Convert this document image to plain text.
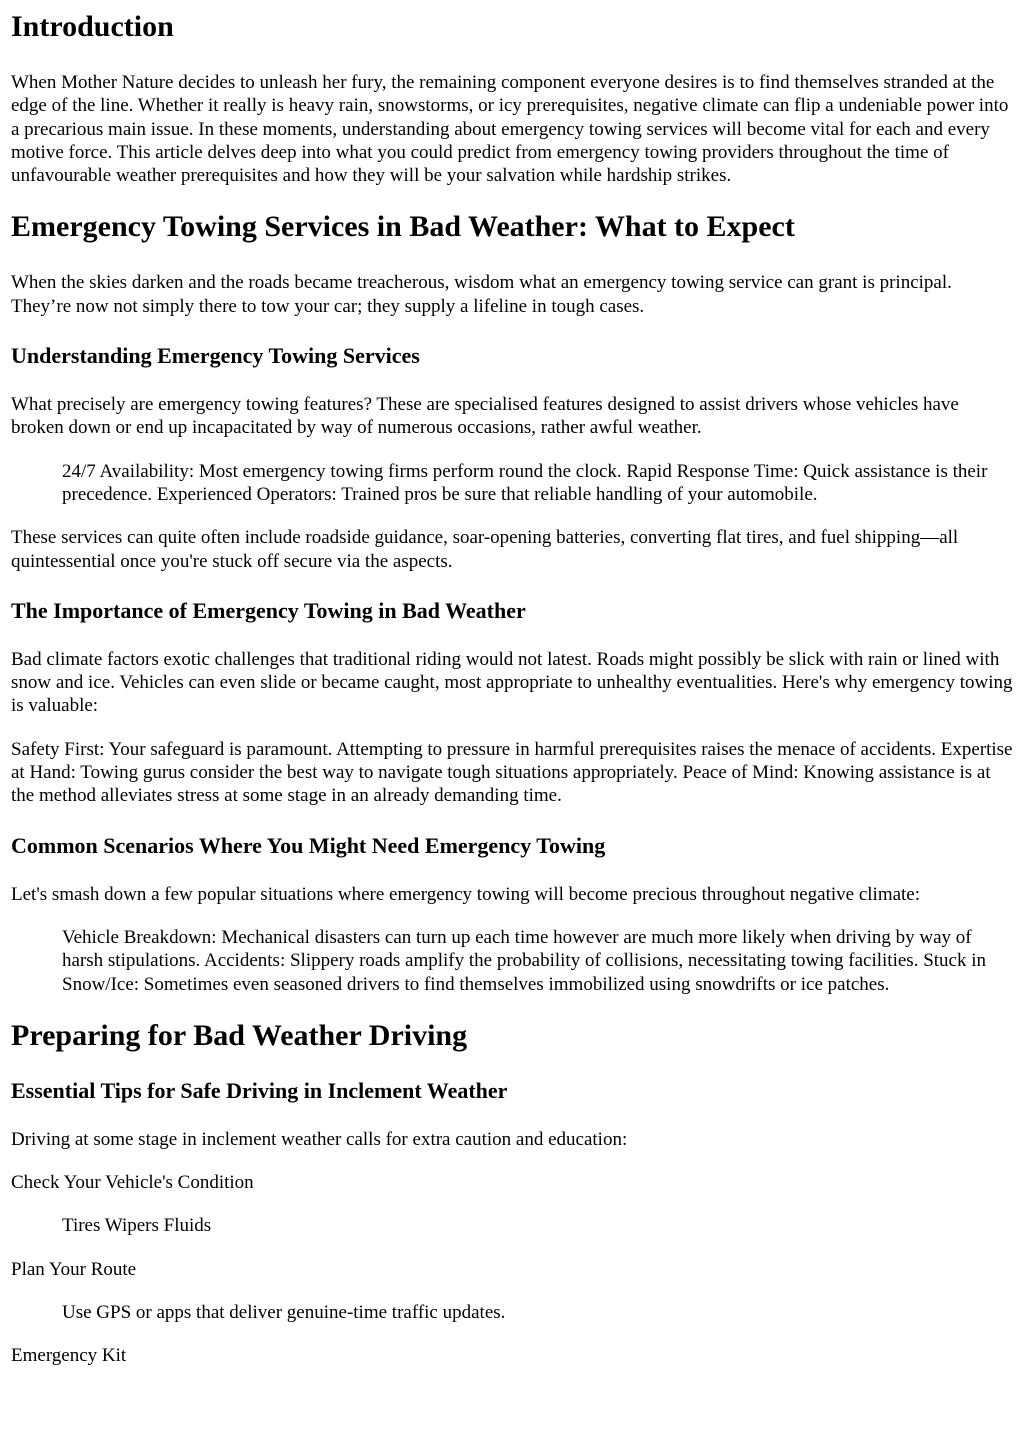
Introduction

When Mother Nature decides to unleash her fury, the remaining component everyone desires is to find themselves stranded at the edge of the line. Whether it really is heavy rain, snowstorms, or icy prerequisites, negative climate can flip a undeniable power into a precarious main issue. In these moments, understanding about emergency towing services will become vital for each and every motive force. This article delves deep into what you could predict from emergency towing providers throughout the time of unfavourable weather prerequisites and how they will be your salvation while hardship strikes.

Emergency Towing Services in Bad Weather: What to Expect

When the skies darken and the roads became treacherous, wisdom what an emergency towing service can grant is principal. They’re now not simply there to tow your car; they supply a lifeline in tough cases.

Understanding Emergency Towing Services

What precisely are emergency towing features? These are specialised features designed to assist drivers whose vehicles have broken down or end up incapacitated by way of numerous occasions, rather awful weather.

24/7 Availability: Most emergency towing firms perform round the clock. Rapid Response Time: Quick assistance is their precedence. Experienced Operators: Trained pros be sure that reliable handling of your automobile.

These services can quite often include roadside guidance, soar-opening batteries, converting flat tires, and fuel shipping—all quintessential once you're stuck off secure via the aspects.

The Importance of Emergency Towing in Bad Weather

Bad climate factors exotic challenges that traditional riding would not latest. Roads might possibly be slick with rain or lined with snow and ice. Vehicles can even slide or became caught, most appropriate to unhealthy eventualities. Here's why emergency towing is valuable:

Safety First: Your safeguard is paramount. Attempting to pressure in harmful prerequisites raises the menace of accidents. Expertise at Hand: Towing gurus consider the best way to navigate tough situations appropriately. Peace of Mind: Knowing assistance is at the method alleviates stress at some stage in an already demanding time.

Common Scenarios Where You Might Need Emergency Towing

Let's smash down a few popular situations where emergency towing will become precious throughout negative climate:

Vehicle Breakdown: Mechanical disasters can turn up each time however are much more likely when driving by way of harsh stipulations. Accidents: Slippery roads amplify the probability of collisions, necessitating towing facilities. Stuck in Snow/Ice: Sometimes even seasoned drivers to find themselves immobilized using snowdrifts or ice patches.

Preparing for Bad Weather Driving
Essential Tips for Safe Driving in Inclement Weather

Driving at some stage in inclement weather calls for extra caution and education:

Check Your Vehicle's Condition

Tires Wipers Fluids

Plan Your Route

Use GPS or apps that deliver genuine-time traffic updates.

Emergency Kit
